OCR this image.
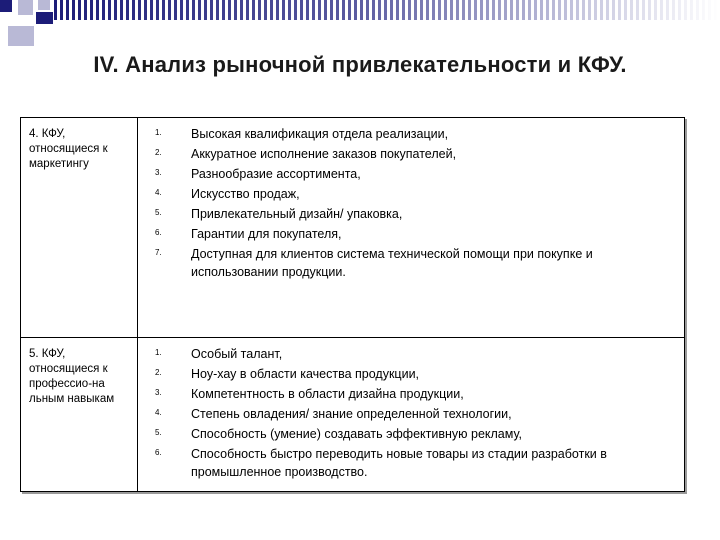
IV. Анализ рыночной привлекательности и КФУ.
4. КФУ, относящиеся к маркетингу
1. Высокая квалификация отдела реализации,
2. Аккуратное исполнение заказов покупателей,
3. Разнообразие ассортимента,
4. Искусство продаж,
5. Привлекательный дизайн/ упаковка,
6. Гарантии для покупателя,
7. Доступная для клиентов система технической помощи при покупке и использовании продукции.
5. КФУ, относящиеся к профессио-на льным навыкам
1. Особый талант,
2. Ноу-хау в области качества продукции,
3. Компетентность в области дизайна продукции,
4. Степень овладения/ знание определенной технологии,
5. Способность (умение) создавать эффективную рекламу,
6. Способность быстро переводить новые товары из стадии разработки в промышленное производство.
